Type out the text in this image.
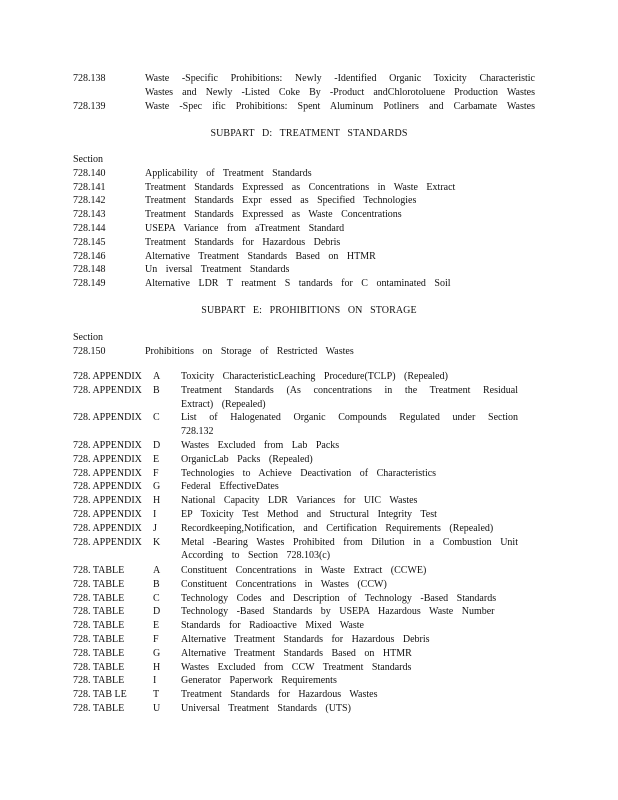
728.138	Waste -Specific Prohibitions: Newly -Identified Organic Toxicity Characteristic
Wastes and Newly -Listed Coke By -Product andChlorotoluene Production Wastes
728.139	Waste -Spec ific Prohibitions: Spent Aluminum Potliners and Carbamate Wastes
SUBPART D: TREATMENT STANDARDS
Section
728.140	Applicability of Treatment Standards
728.141	Treatment Standards Expressed as Concentrations in Waste Extract
728.142	Treatment Standards Expr essed as Specified Technologies
728.143	Treatment Standards Expressed as Waste Concentrations
728.144	USEPA Variance from aTreatment Standard
728.145	Treatment Standards for Hazardous Debris
728.146	Alternative Treatment Standards Based on HTMR
728.148	Un iversal Treatment Standards
728.149	Alternative LDR T reatment S tandards for C ontaminated Soil
SUBPART E: PROHIBITIONS ON STORAGE
Section
728.150	Prohibitions on Storage of Restricted Wastes
728. APPENDIX A Toxicity CharacteristicLeaching Procedure(TCLP) (Repealed)
728. APPENDIX B Treatment Standards (As concentrations in the Treatment Residual Extract) (Repealed)
728. APPENDIX C List of Halogenated Organic Compounds Regulated under Section 728.132
728. APPENDIX D Wastes Excluded from Lab Packs
728. APPENDIX E OrganicLab Packs (Repealed)
728. APPENDIX F Technologies to Achieve Deactivation of Characteristics
728. APPENDIX G Federal EffectiveDates
728. APPENDIX H National Capacity LDR Variances for UIC Wastes
728. APPENDIX I EP Toxicity Test Method and Structural Integrity Test
728. APPENDIX J Recordkeeping,Notification, and Certification Requirements (Repealed)
728. APPENDIX K Metal -Bearing Wastes Prohibited from Dilution in a Combustion Unit According to Section 728.103(c)
728. TABLE	A Constituent Concentrations in Waste Extract (CCWE)
728. TABLE	B Constituent Concentrations in Wastes (CCW)
728. TABLE	C Technology Codes and Description of Technology -Based Standards
728. TABLE	D Technology -Based Standards by USEPA Hazardous Waste Number
728. TABLE	E Standards for Radioactive Mixed Waste
728. TABLE	F Alternative Treatment Standards for Hazardous Debris
728. TABLE	G Alternative Treatment Standards Based on HTMR
728. TABLE	H Wastes Excluded from CCW Treatment Standards
728. TABLE	I Generator Paperwork Requirements
728. TAB LE	T Treatment Standards for Hazardous Wastes
728. TABLE	U Universal Treatment Standards (UTS)
